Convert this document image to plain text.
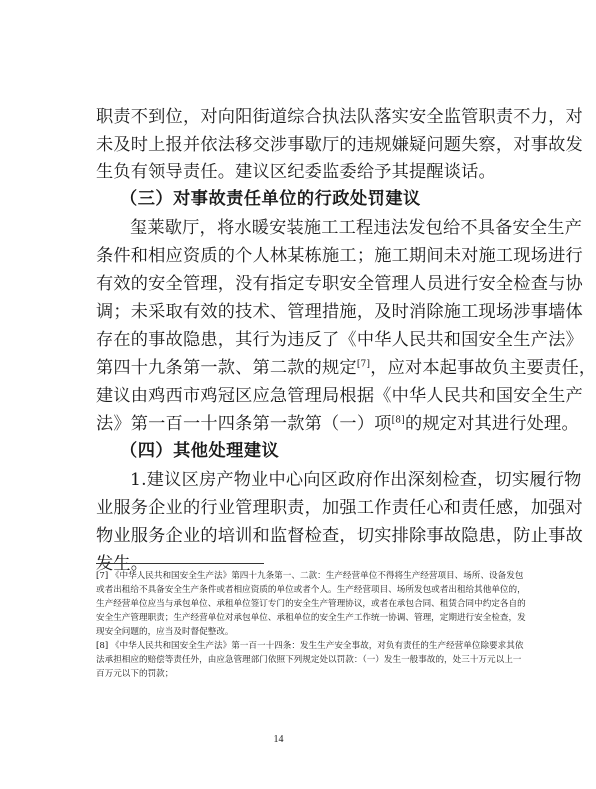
职责不到位，对向阳街道综合执法队落实安全监管职责不力，对
未及时上报并依法移交涉事歇厅的违规嫌疑问题失察，对事故发
生负有领导责任。建议区纪委监委给予其提醒谈话。
（三）对事故责任单位的行政处罚建议
玺莱歇厅，将水暖安装施工工程违法发包给不具备安全生产
条件和相应资质的个人林某栋施工；施工期间未对施工现场进行
有效的安全管理，没有指定专职安全管理人员进行安全检查与协
调；未采取有效的技术、管理措施，及时消除施工现场涉事墙体
存在的事故隐患，其行为违反了《中华人民共和国安全生产法》
第四十九条第一款、第二款的规定[7]，应对本起事故负主要责任，
建议由鸡西市鸡冠区应急管理局根据《中华人民共和国安全生产
法》第一百一十四条第一款第（一）项[8]的规定对其进行处理。
（四）其他处理建议
1.建议区房产物业中心向区政府作出深刻检查，切实履行物
业服务企业的行业管理职责，加强工作责任心和责任感，加强对
物业服务企业的培训和监督检查，切实排除事故隐患，防止事故
发生。
[7] 《中华人民共和国安全生产法》第四十九条第一、二款：生产经营单位不得将生产经营项目、场所、设备发包
或者出租给不具备安全生产条件或者相应资质的单位或者个人。生产经营项目、场所发包或者出租给其他单位的，
生产经营单位应当与承包单位、承租单位签订专门的安全生产管理协议，或者在承包合同、租赁合同中约定各自的
安全生产管理职责；生产经营单位对承包单位、承租单位的安全生产工作统一协调、管理，定期进行安全检查，发
现安全问题的，应当及时督促整改。
[8] 《中华人民共和国安全生产法》第一百一十四条：发生生产安全事故，对负有责任的生产经营单位除要求其依
法承担相应的赔偿等责任外，由应急管理部门依照下列规定处以罚款：（一）发生一般事故的，处三十万元以上一
百万元以下的罚款；
14
